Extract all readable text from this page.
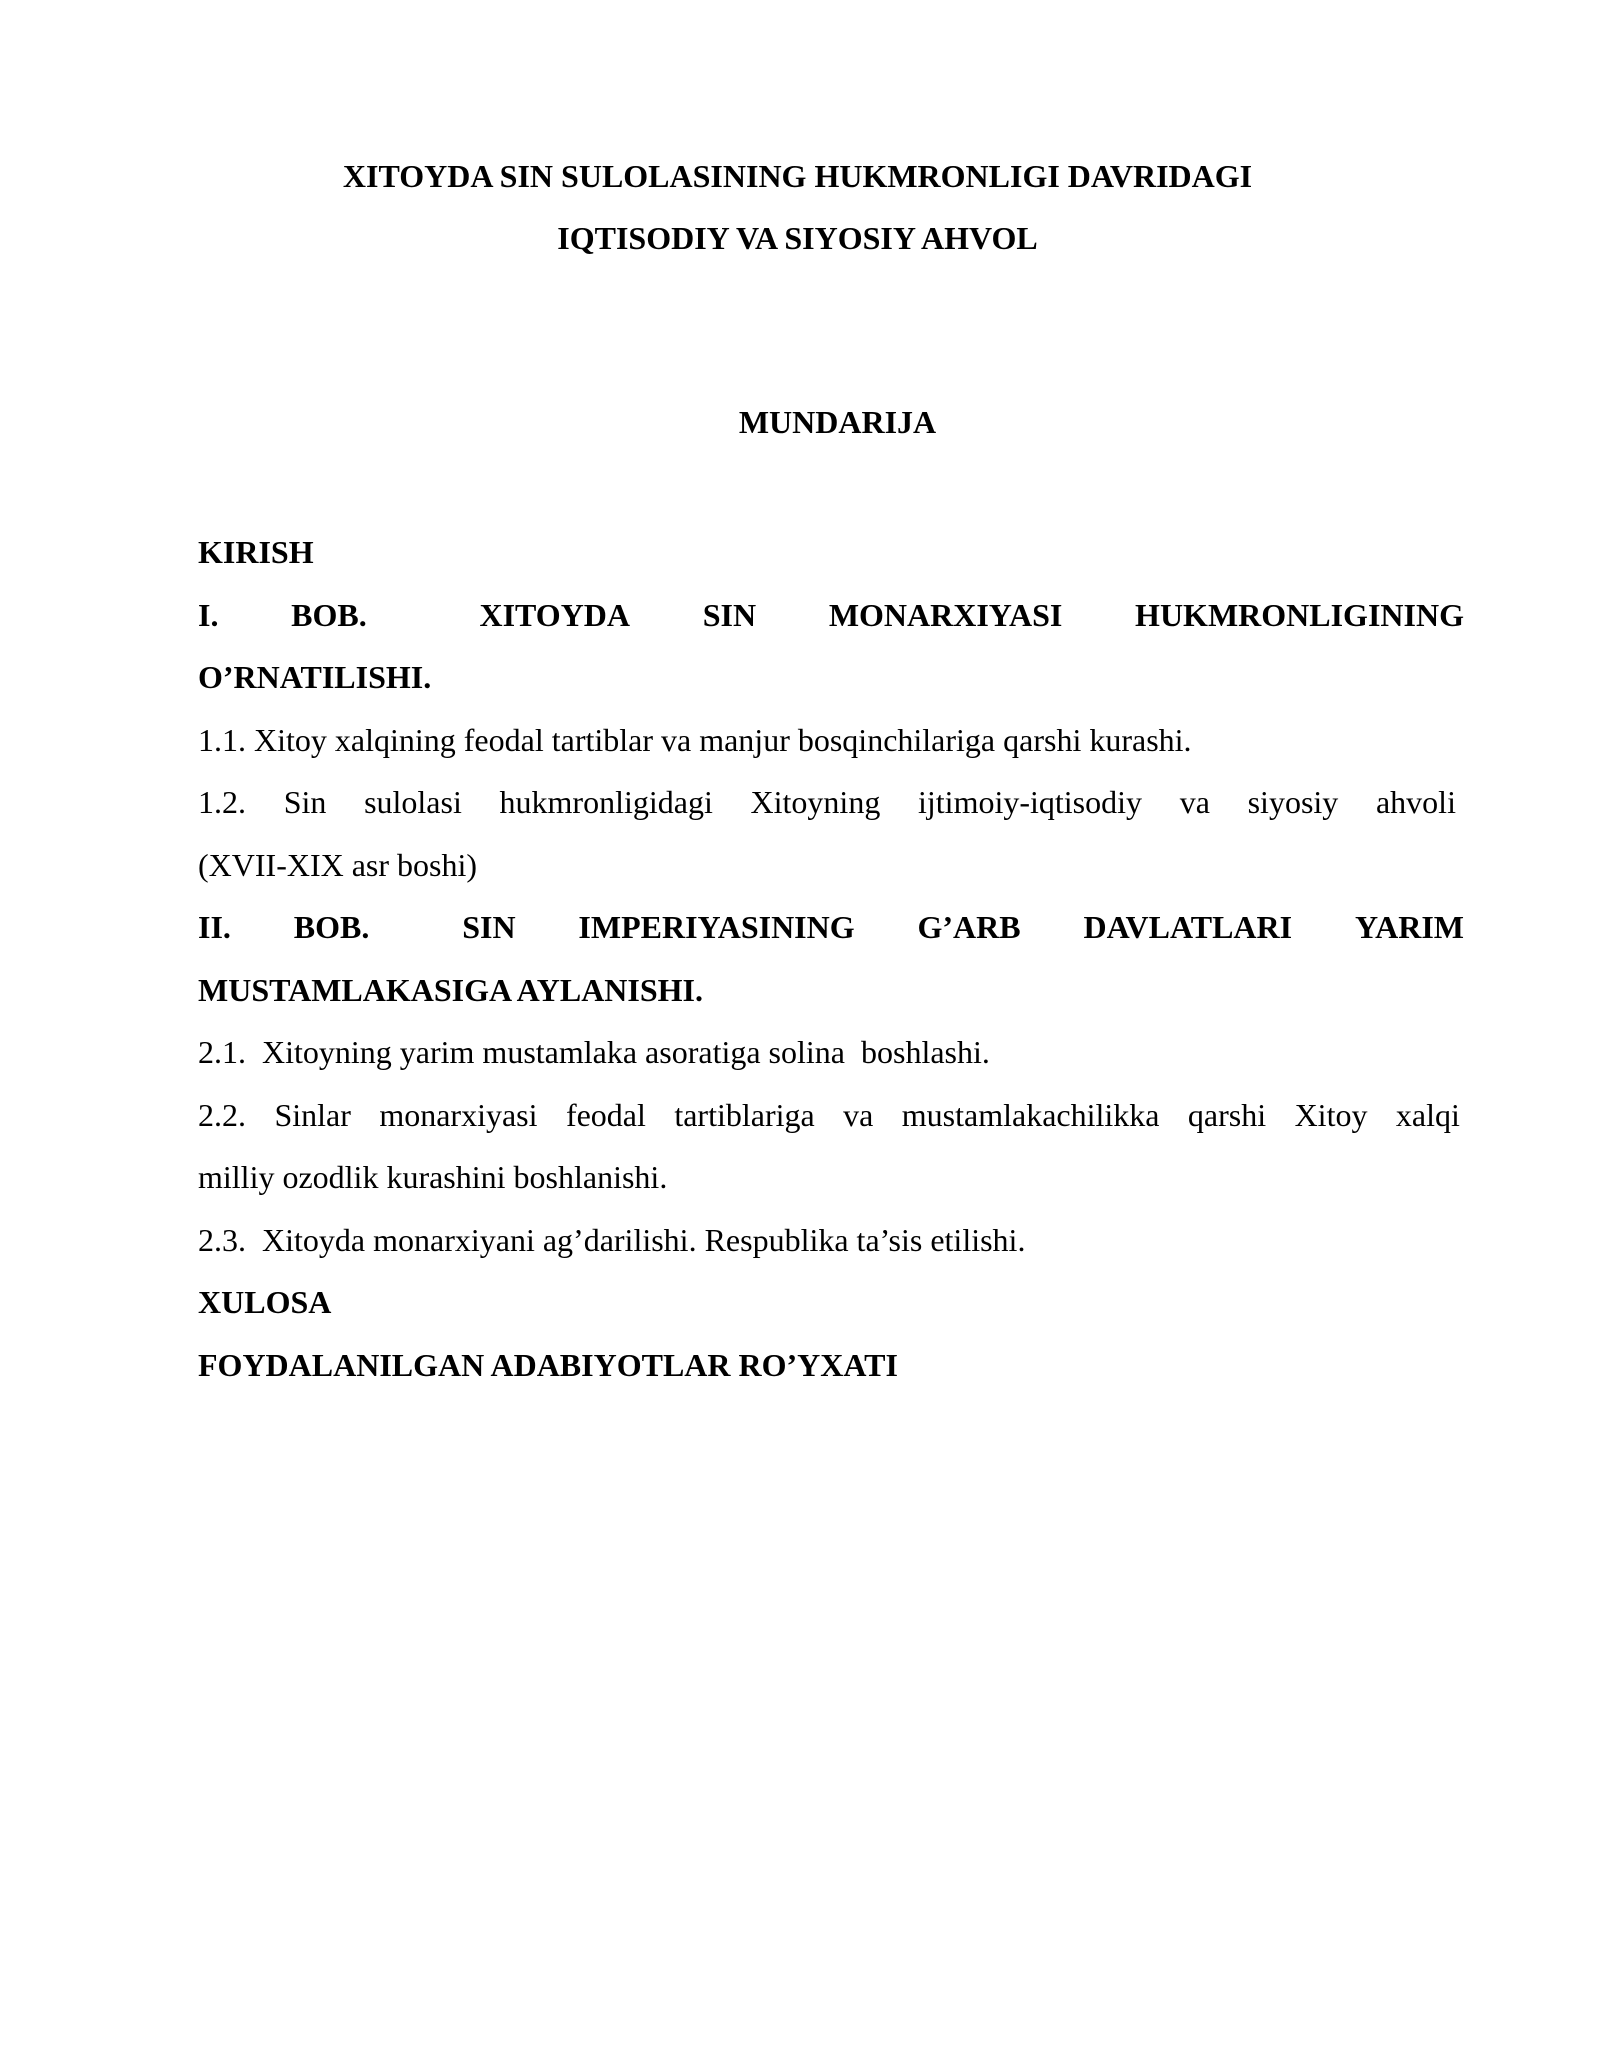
XITOYDA SIN SULOLASINING HUKMRONLIGI DAVRIDAGI
IQTISODIY VA SIYOSIY AHVOL
MUNDARIJA
KIRISH
I. BOB.	XITOYDA SIN MONARXIYASI HUKMRONLIGINING
O’RNATILISHI.
1.1. Xitoy xalqining feodal tartiblar va manjur bosqinchilariga qarshi kurashi.
1.2. Sin sulolasi hukmronligidagi Xitoyning ijtimoiy-iqtisodiy va siyosiy ahvoli
(XVII-XIX asr boshi)
II. BOB.	SIN IMPERIYASINING G’ARB DAVLATLARI YARIM
MUSTAMLAKASIGA AYLANISHI.
2.1.  Xitoyning yarim mustamlaka asoratiga solina  boshlashi.
2.2. Sinlar monarxiyasi feodal tartiblariga va mustamlakachilikka qarshi Xitoy xalqi
milliy ozodlik kurashini boshlanishi.
2.3.  Xitoyda monarxiyani ag’darilishi. Respublika ta’sis etilishi.
XULOSA
FOYDALANILGAN ADABIYOTLAR RO’YXATI
